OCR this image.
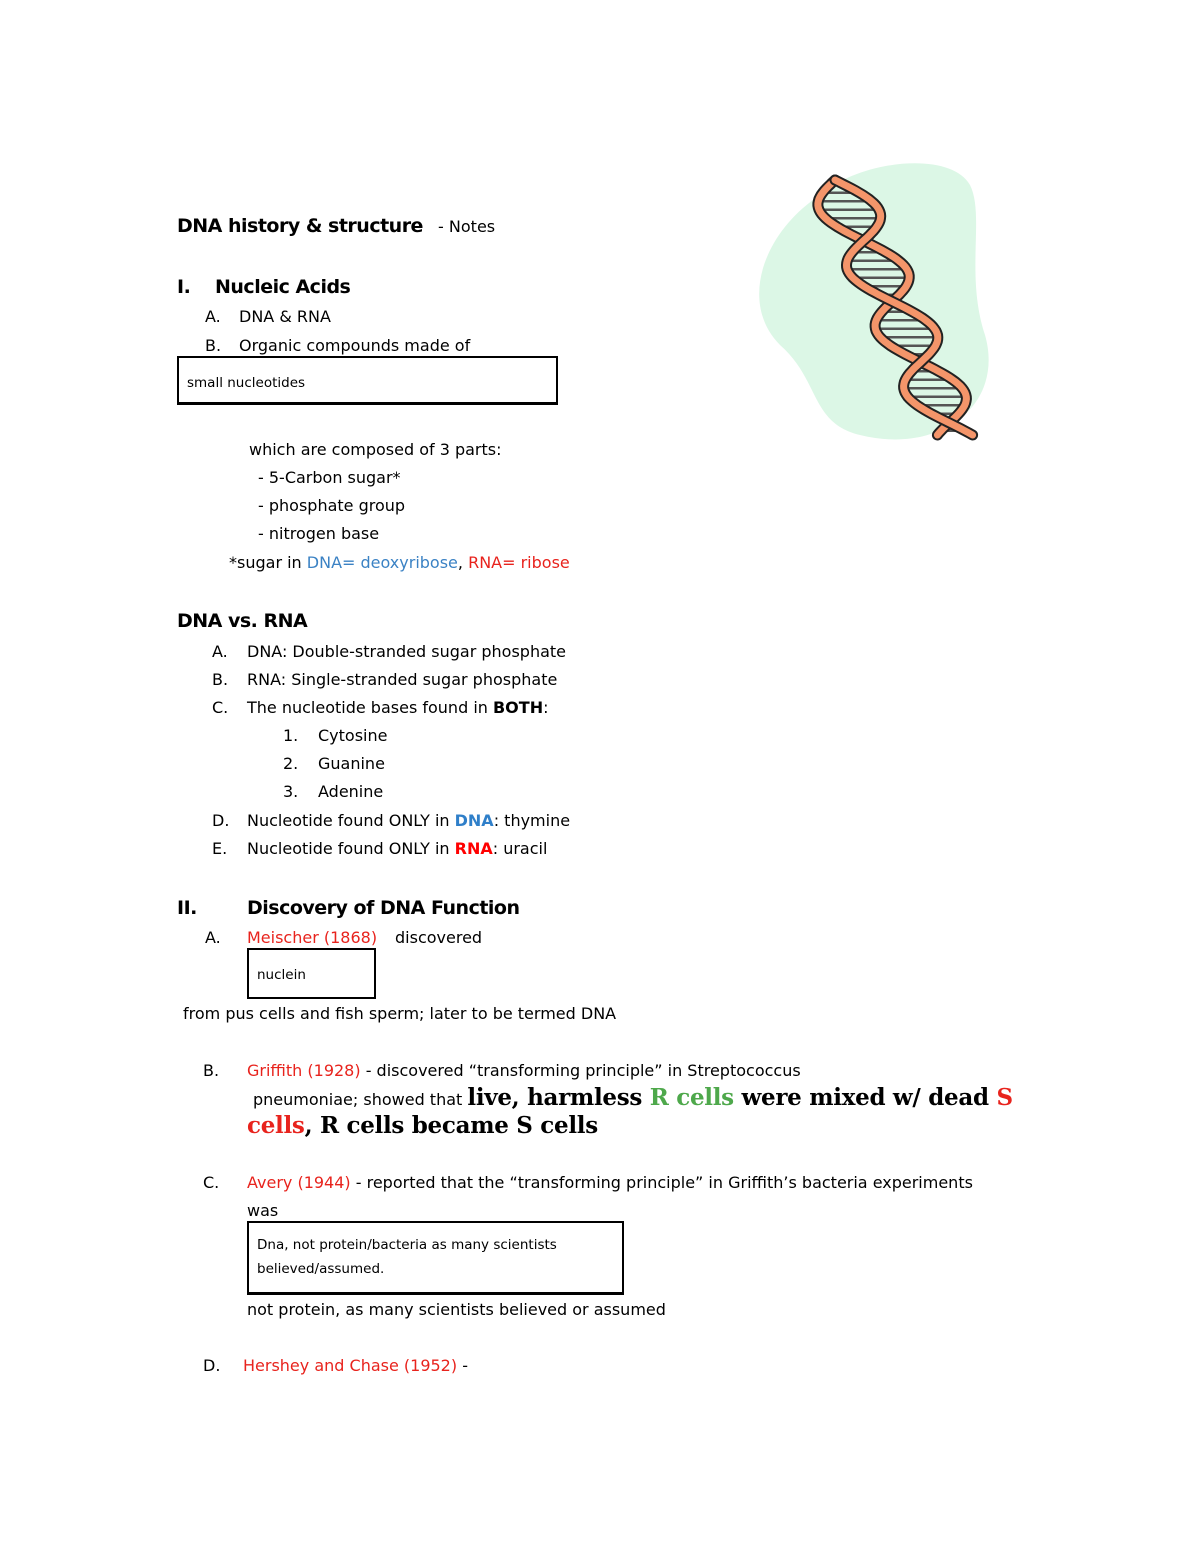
DNA history & structure - Notes
I. Nucleic Acids
A. DNA & RNA
B. Organic compounds made of
small nucleotides
which are composed of 3 parts:
- 5-Carbon sugar*
- phosphate group
- nitrogen base
*sugar in DNA= deoxyribose, RNA= ribose
DNA vs. RNA
A. DNA: Double-stranded sugar phosphate
B. RNA: Single-stranded sugar phosphate
C. The nucleotide bases found in BOTH:
1. Cytosine
2. Guanine
3. Adenine
D. Nucleotide found ONLY in DNA: thymine
E. Nucleotide found ONLY in RNA: uracil
II.	Discovery of DNA Function
A. Meischer (1868) discovered
nuclein
from pus cells and fish sperm; later to be termed DNA
B. Griffith (1928) - discovered “transforming principle” in Streptococcus
pneumoniae; showed that live, harmless R cells were mixed w/ dead S
cells, R cells became S cells
C. Avery (1944) - reported that the “transforming principle” in Griffith’s bacteria experiments
was
Dna, not protein/bacteria as many scientists
believed/assumed.
not protein, as many scientists believed or assumed
D. Hershey and Chase (1952) -
